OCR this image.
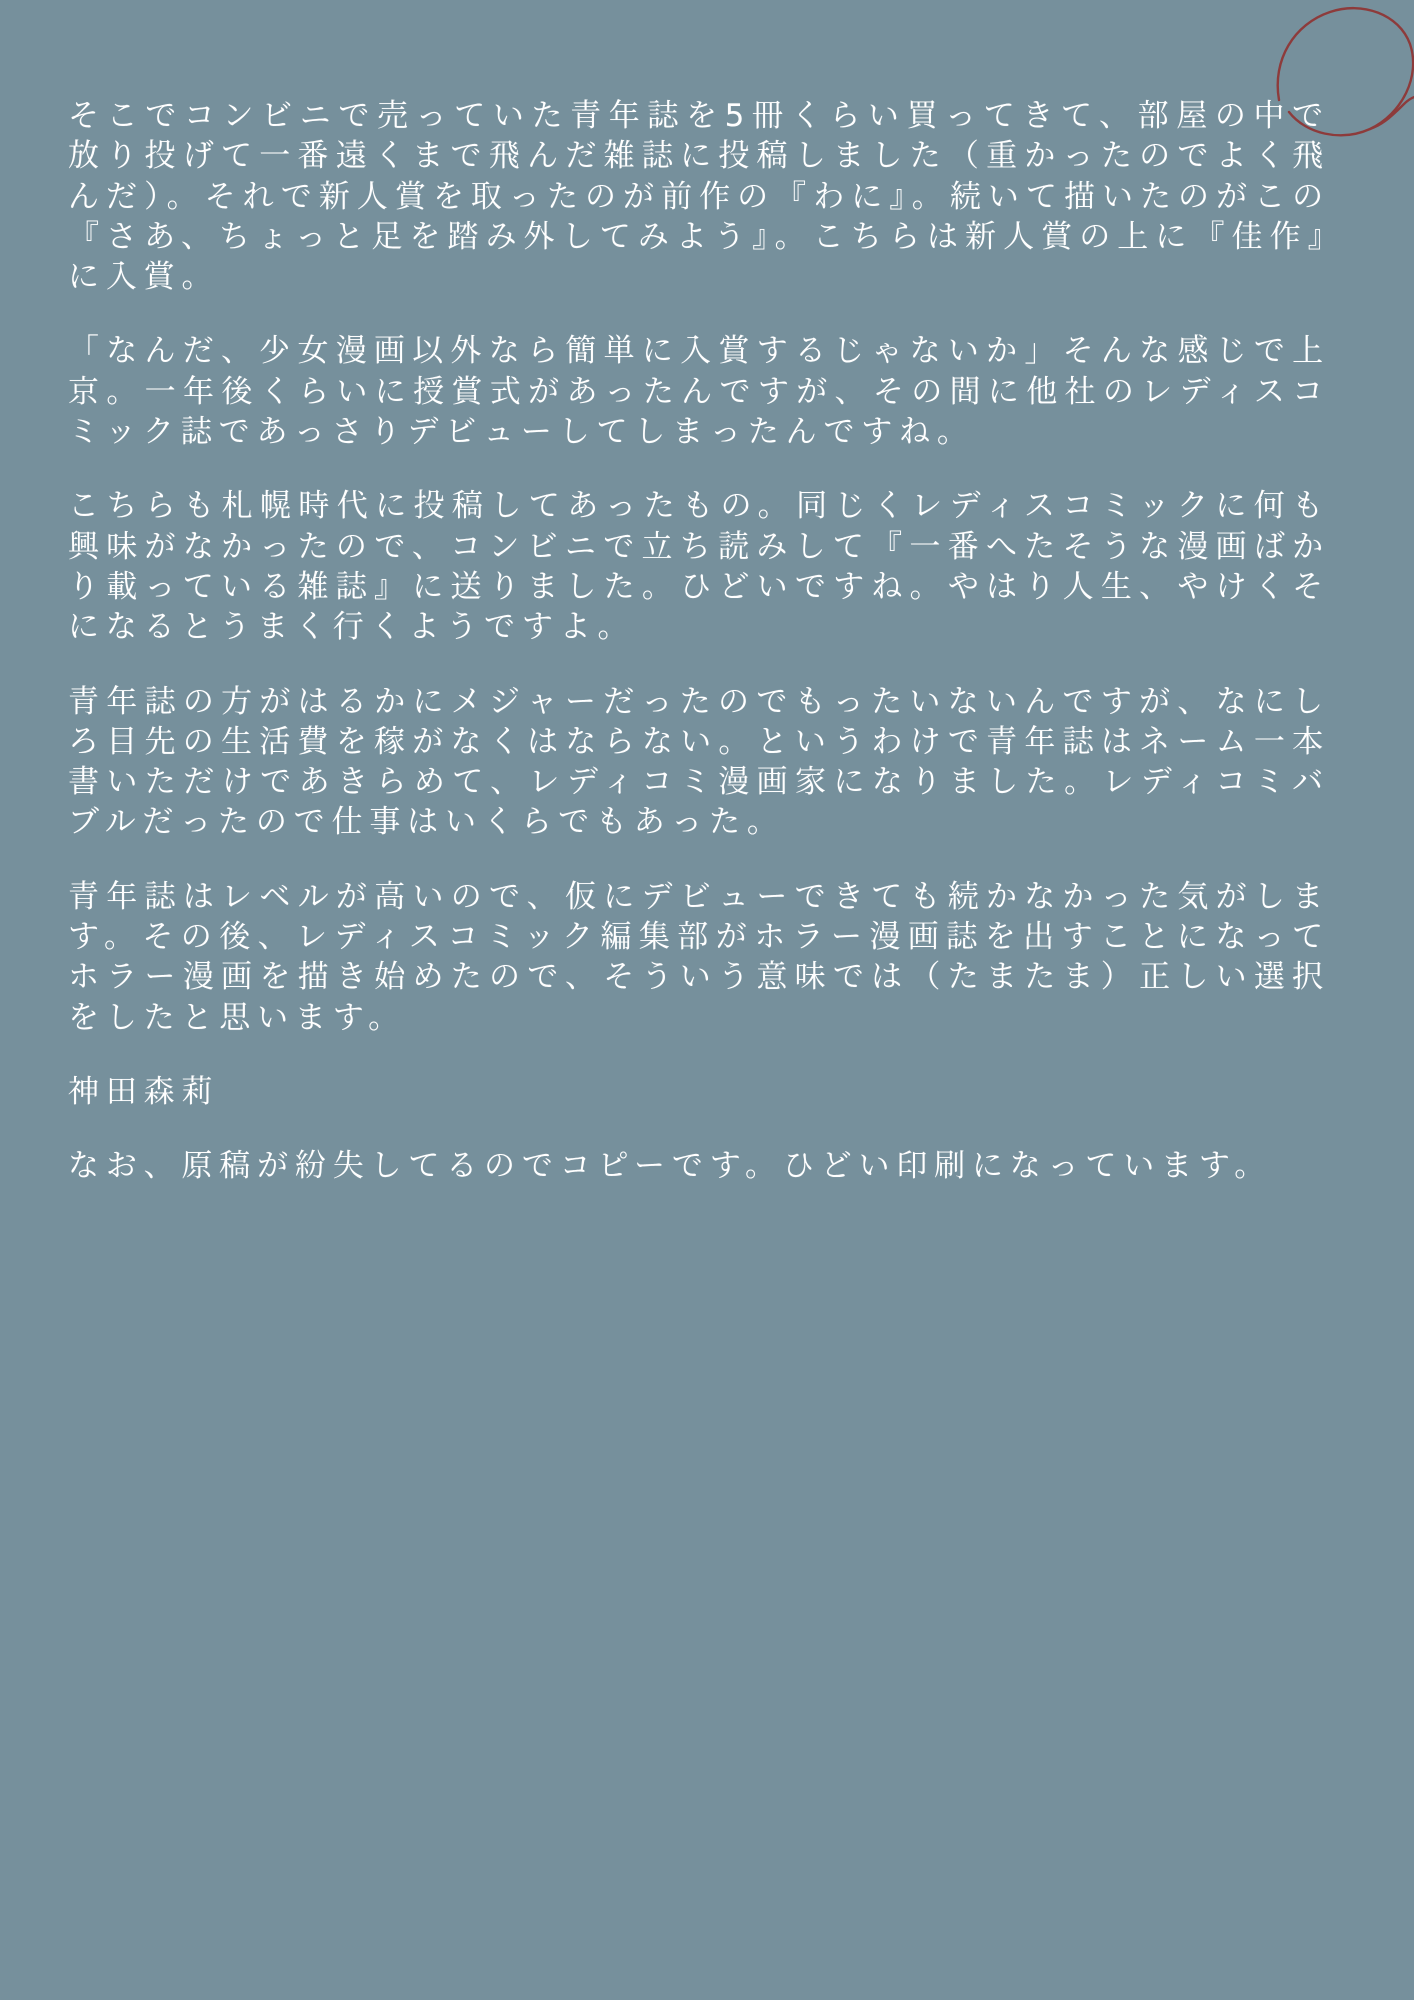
そこでコンビニで売っていた青年誌を5冊くらい買ってきて、部屋の中で放り投げて一番遠くまで飛んだ雑誌に投稿しました（重かったのでよく飛んだ）。それで新人賞を取ったのが前作の『わに』。続いて描いたのがこの『さあ、ちょっと足を踏み外してみよう』。こちらは新人賞の上に『佳作』に入賞。

「なんだ、少女漫画以外なら簡単に入賞するじゃないか」そんな感じで上京。一年後くらいに授賞式があったんですが、その間に他社のレディスコミック誌であっさりデビューしてしまったんですね。

こちらも札幌時代に投稿してあったもの。同じくレディスコミックに何も興味がなかったので、コンビニで立ち読みして『一番へたそうな漫画ばかり載っている雑誌』に送りました。ひどいですね。やはり人生、やけくそになるとうまく行くようですよ。

青年誌の方がはるかにメジャーだったのでもったいないんですが、なにしろ目先の生活費を稼がなくはならない。というわけで青年誌はネーム一本書いただけであきらめて、レディコミ漫画家になりました。レディコミバブルだったので仕事はいくらでもあった。

青年誌はレベルが高いので、仮にデビューできても続かなかった気がします。その後、レディスコミック編集部がホラー漫画誌を出すことになってホラー漫画を描き始めたので、そういう意味では（たまたま）正しい選択をしたと思います。

神田森莉

なお、原稿が紛失してるのでコピーです。ひどい印刷になっています。
